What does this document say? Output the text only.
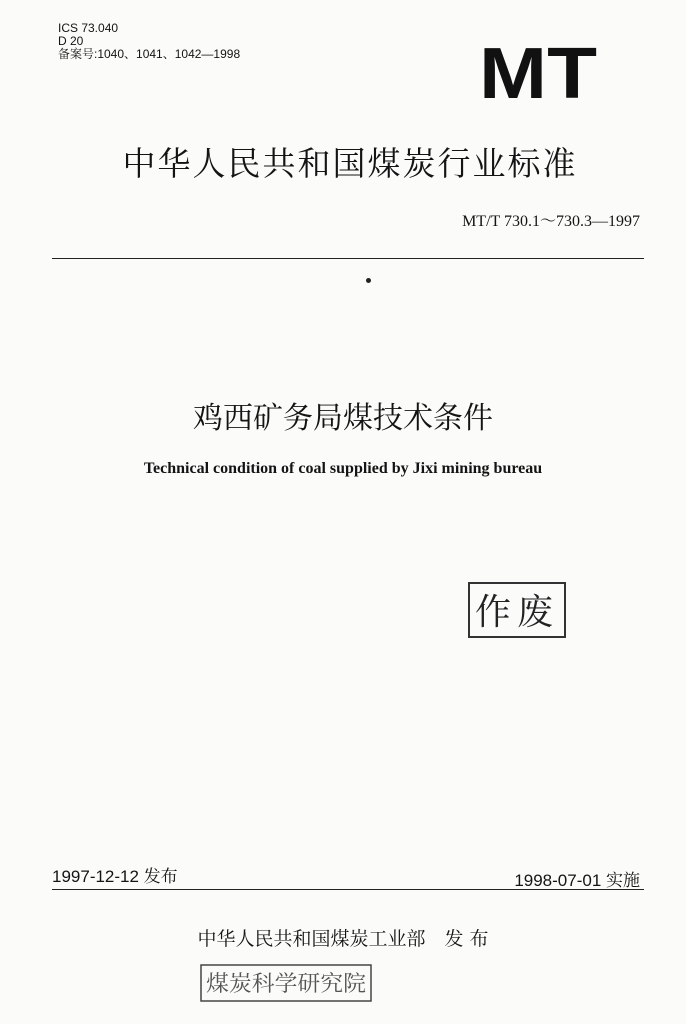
ICS 73.040
D 20
备案号:1040、1041、1042—1998	MT
中华人民共和国煤炭行业标准
MT/T 730.1～730.3—1997
鸡西矿务局煤技术条件
Technical condition of coal supplied by Jixi mining bureau
作废
1997-12-12 发布	1998-07-01 实施
中华人民共和国煤炭工业部　发 布
煤炭科学研究院
